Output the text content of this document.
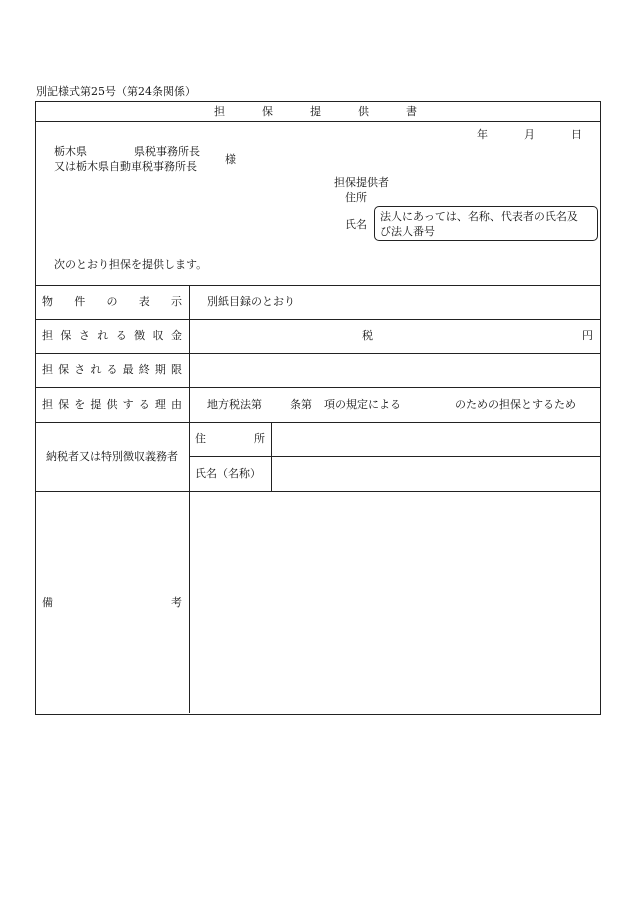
別記様式第25号（第24条関係）
担	保	提	供	書
年	月	日
栃木県	県税事務所長
又は栃木県自動車税事務所長
様
担保提供者
住所
氏名
法人にあっては、名称、代表者の氏名及
び法人番号
次のとおり担保を提供します。
物 件 の 表 示 別紙目録のとおり
担 保 さ れ る 徴 収 金	税	円
担 保 さ れ る 最 終 期 限
担 保 を 提 供 す る 理 由 地方税法第	条第 項の規定による	のための担保とするため
納税者又は特別徴収義務者
住	所
氏名（名称）
備	考
